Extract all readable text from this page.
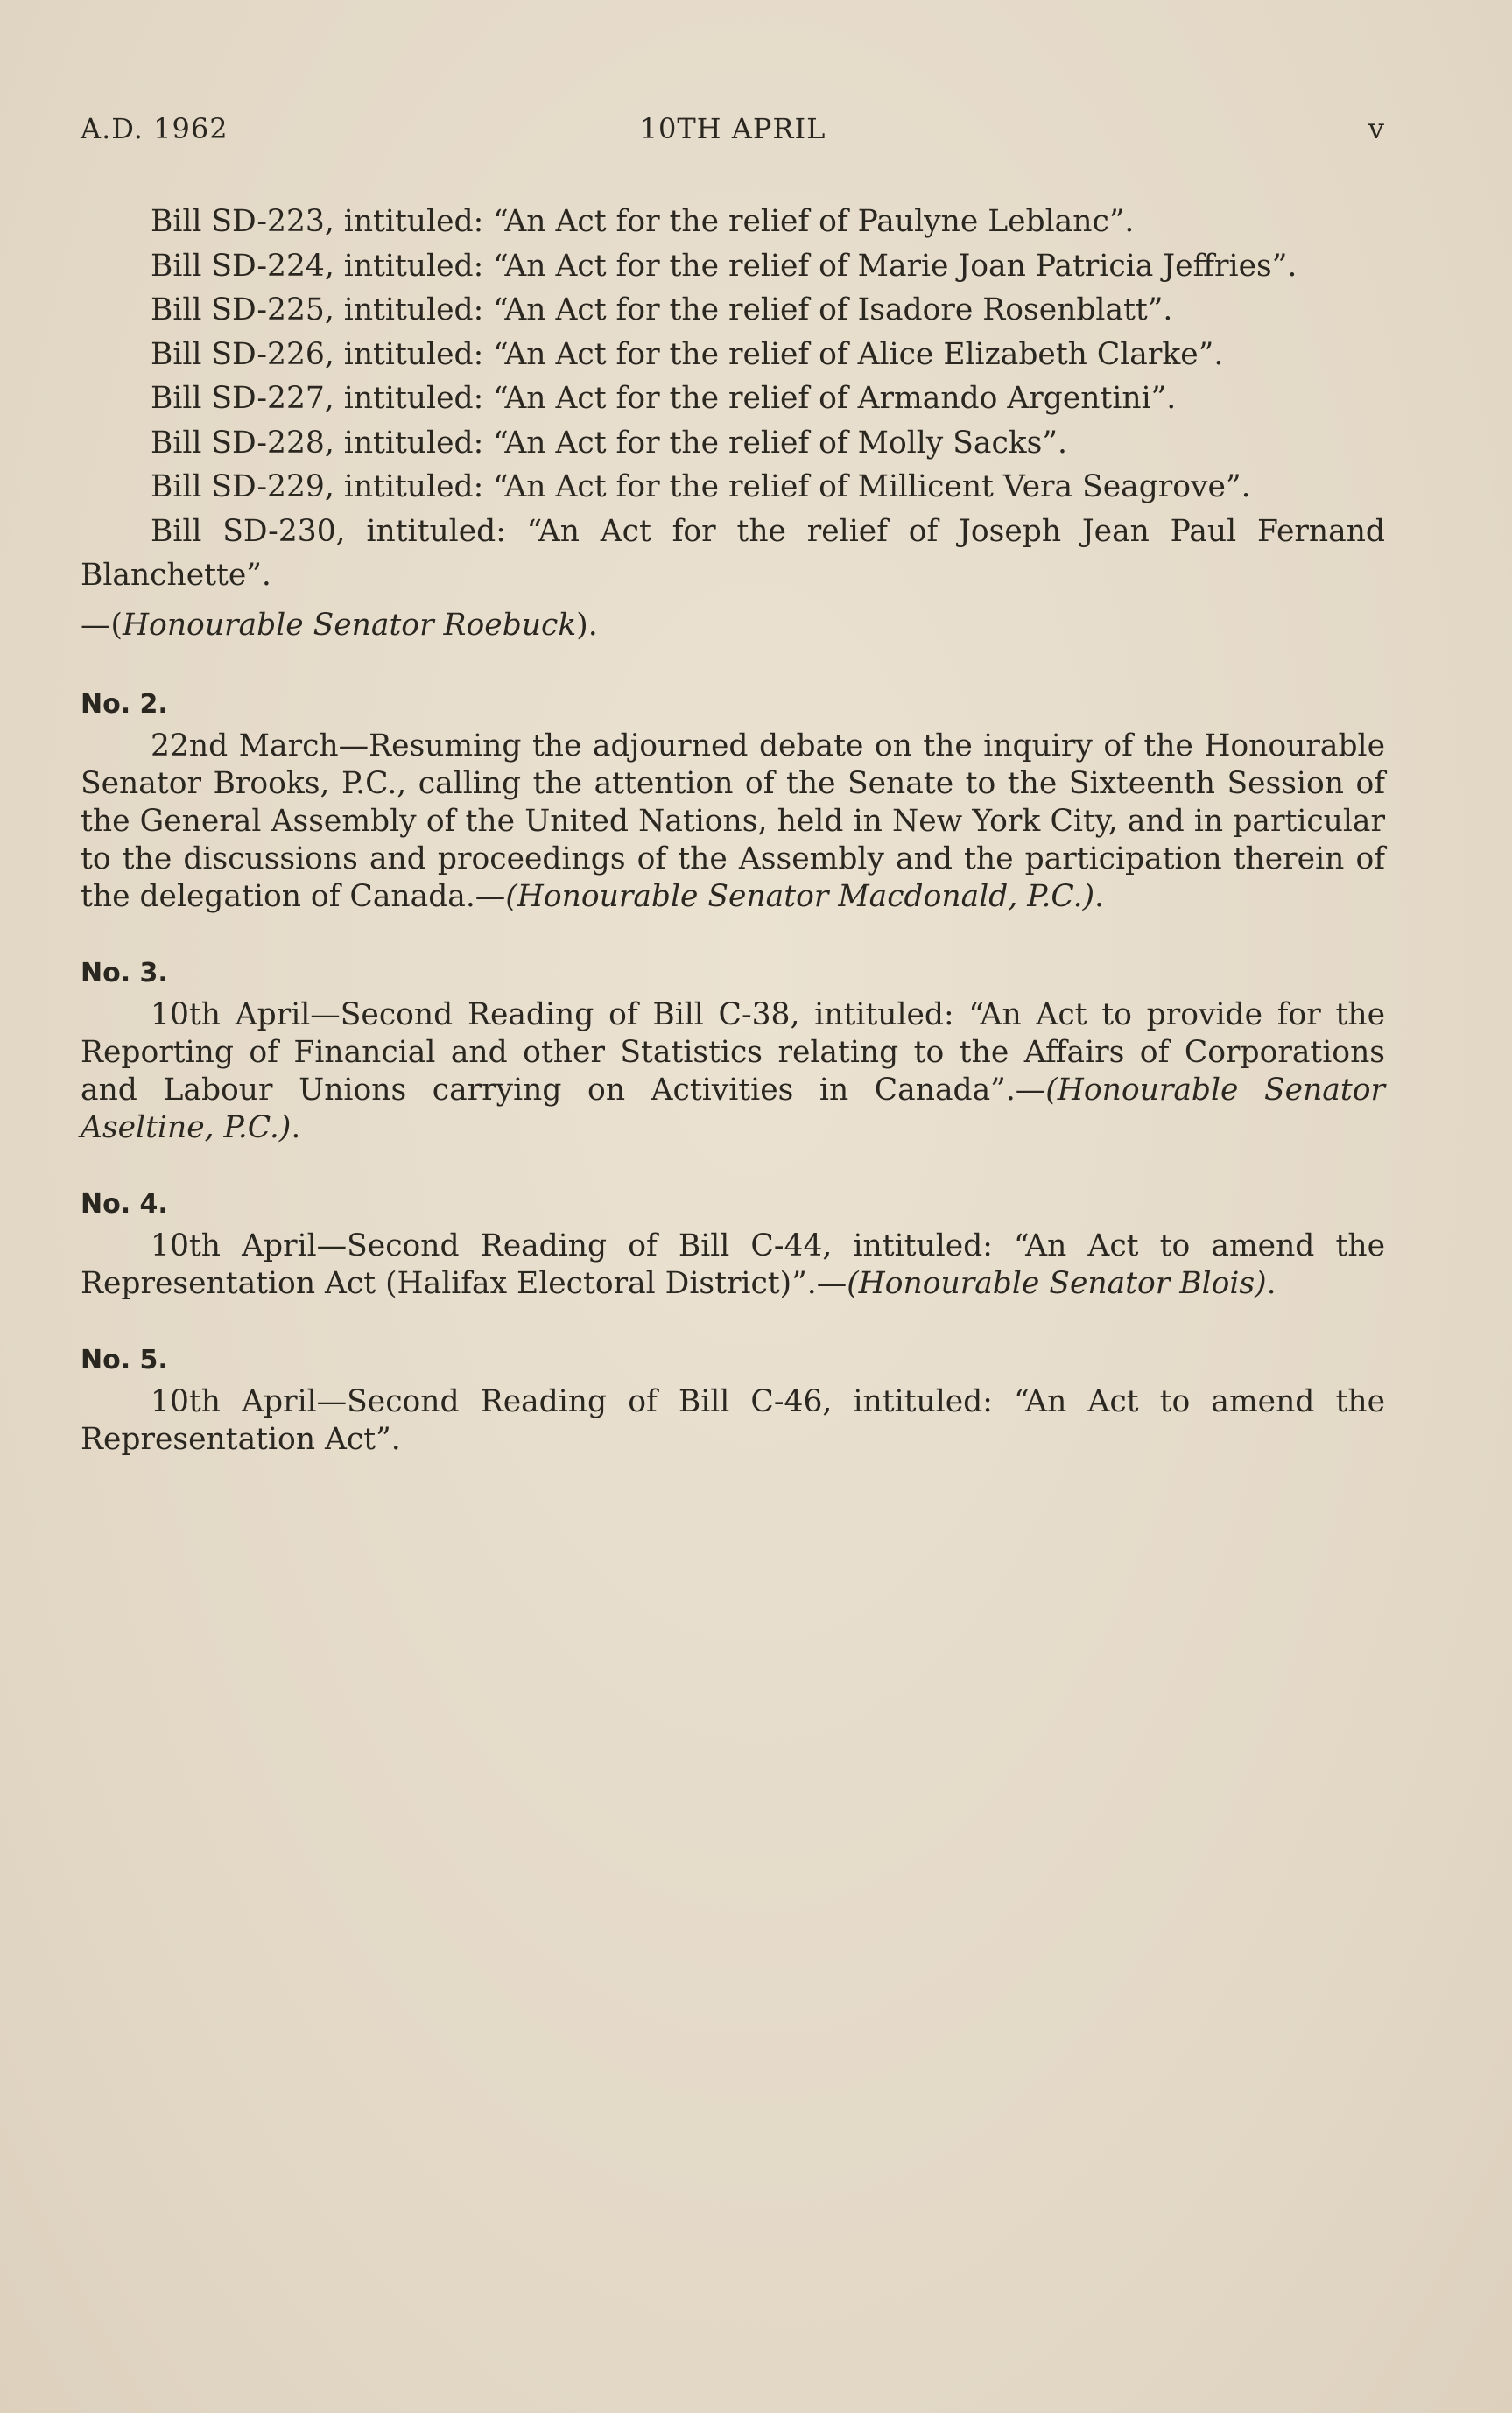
A.D. 1962	10TH APRIL	v

Bill SD-223, intituled: “An Act for the relief of Paulyne Leblanc”.

Bill SD-224, intituled: “An Act for the relief of Marie Joan Patricia Jeffries”.

Bill SD-225, intituled: “An Act for the relief of Isadore Rosenblatt”.

Bill SD-226, intituled: “An Act for the relief of Alice Elizabeth Clarke”.

Bill SD-227, intituled: “An Act for the relief of Armando Argentini”.

Bill SD-228, intituled: “An Act for the relief of Molly Sacks”.

Bill SD-229, intituled: “An Act for the relief of Millicent Vera Seagrove”.

Bill SD-230, intituled: “An Act for the relief of Joseph Jean Paul Fernand Blanchette”.

—(Honourable Senator Roebuck).

No. 2.

22nd March—Resuming the adjourned debate on the inquiry of the Honourable Senator Brooks, P.C., calling the attention of the Senate to the Sixteenth Session of the General Assembly of the United Nations, held in New York City, and in particular to the discussions and proceedings of the Assembly and the participation therein of the delegation of Canada.—(Honourable Senator Macdonald, P.C.).

No. 3.

10th April—Second Reading of Bill C-38, intituled: “An Act to provide for the Reporting of Financial and other Statistics relating to the Affairs of Corporations and Labour Unions carrying on Activities in Canada”.—(Honourable Senator Aseltine, P.C.).

No. 4.

10th April—Second Reading of Bill C-44, intituled: “An Act to amend the Representation Act (Halifax Electoral District)”.—(Honourable Senator Blois).

No. 5.

10th April—Second Reading of Bill C-46, intituled: “An Act to amend the Representation Act”.
